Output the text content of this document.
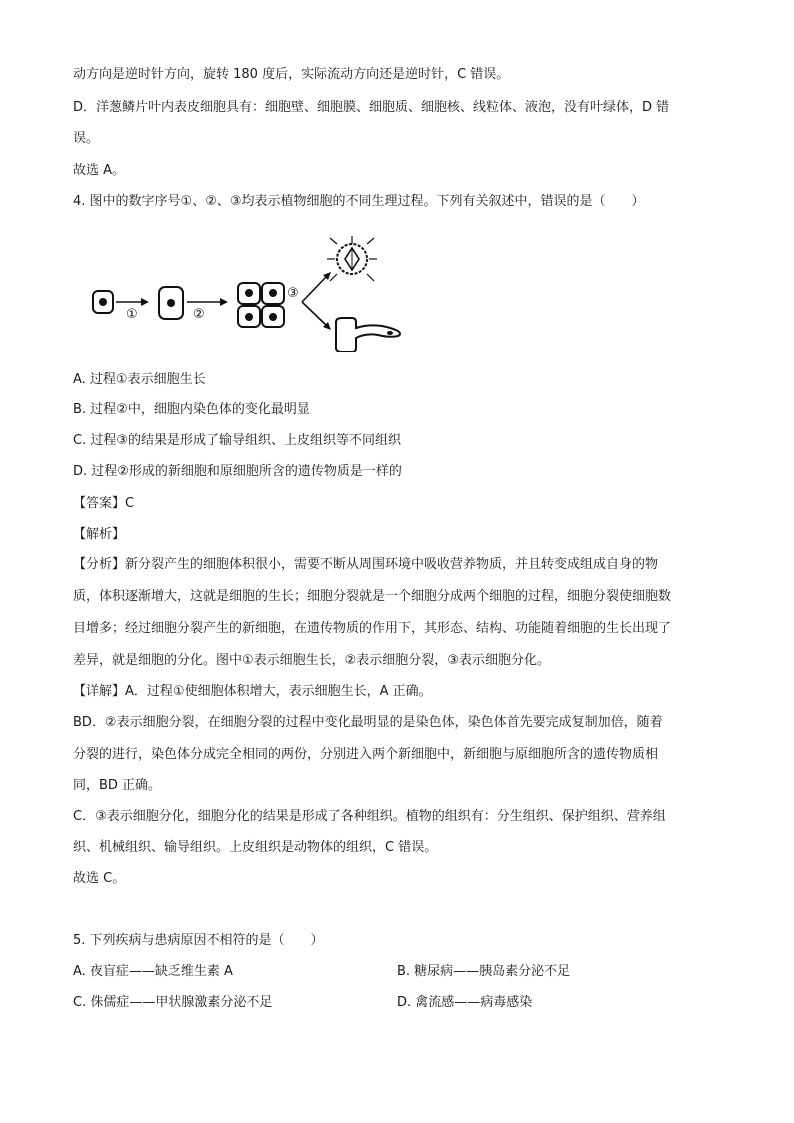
动方向是逆时针方向，旋转 180 度后，实际流动方向还是逆时针，C 错误。
D．洋葱鳞片叶内表皮细胞具有：细胞壁、细胞膜、细胞质、细胞核、线粒体、液泡，没有叶绿体，D 错
误。
故选 A。
4. 图中的数字序号①、②、③均表示植物细胞的不同生理过程。下列有关叙述中，错误的是（　　）
①	②
③
A. 过程①表示细胞生长
B. 过程②中，细胞内染色体的变化最明显
C. 过程③的结果是形成了输导组织、上皮组织等不同组织
D. 过程②形成的新细胞和原细胞所含的遗传物质是一样的
【答案】C
【解析】
【分析】新分裂产生的细胞体积很小，需要不断从周围环境中吸收营养物质，并且转变成组成自身的物
质，体积逐渐增大，这就是细胞的生长；细胞分裂就是一个细胞分成两个细胞的过程，细胞分裂使细胞数
目增多；经过细胞分裂产生的新细胞，在遗传物质的作用下，其形态、结构、功能随着细胞的生长出现了
差异，就是细胞的分化。图中①表示细胞生长，②表示细胞分裂，③表示细胞分化。
【详解】A．过程①使细胞体积增大，表示细胞生长，A 正确。
BD．②表示细胞分裂，在细胞分裂的过程中变化最明显的是染色体，染色体首先要完成复制加倍，随着
分裂的进行，染色体分成完全相同的两份，分别进入两个新细胞中，新细胞与原细胞所含的遗传物质相
同，BD 正确。
C．③表示细胞分化，细胞分化的结果是形成了各种组织。植物的组织有：分生组织、保护组织、营养组
织、机械组织、输导组织。上皮组织是动物体的组织，C 错误。
故选 C。
5. 下列疾病与患病原因不相符的是（　　）
A. 夜盲症——缺乏维生素 A	B. 糖尿病——胰岛素分泌不足
C. 侏儒症——甲状腺激素分泌不足	D. 禽流感——病毒感染
